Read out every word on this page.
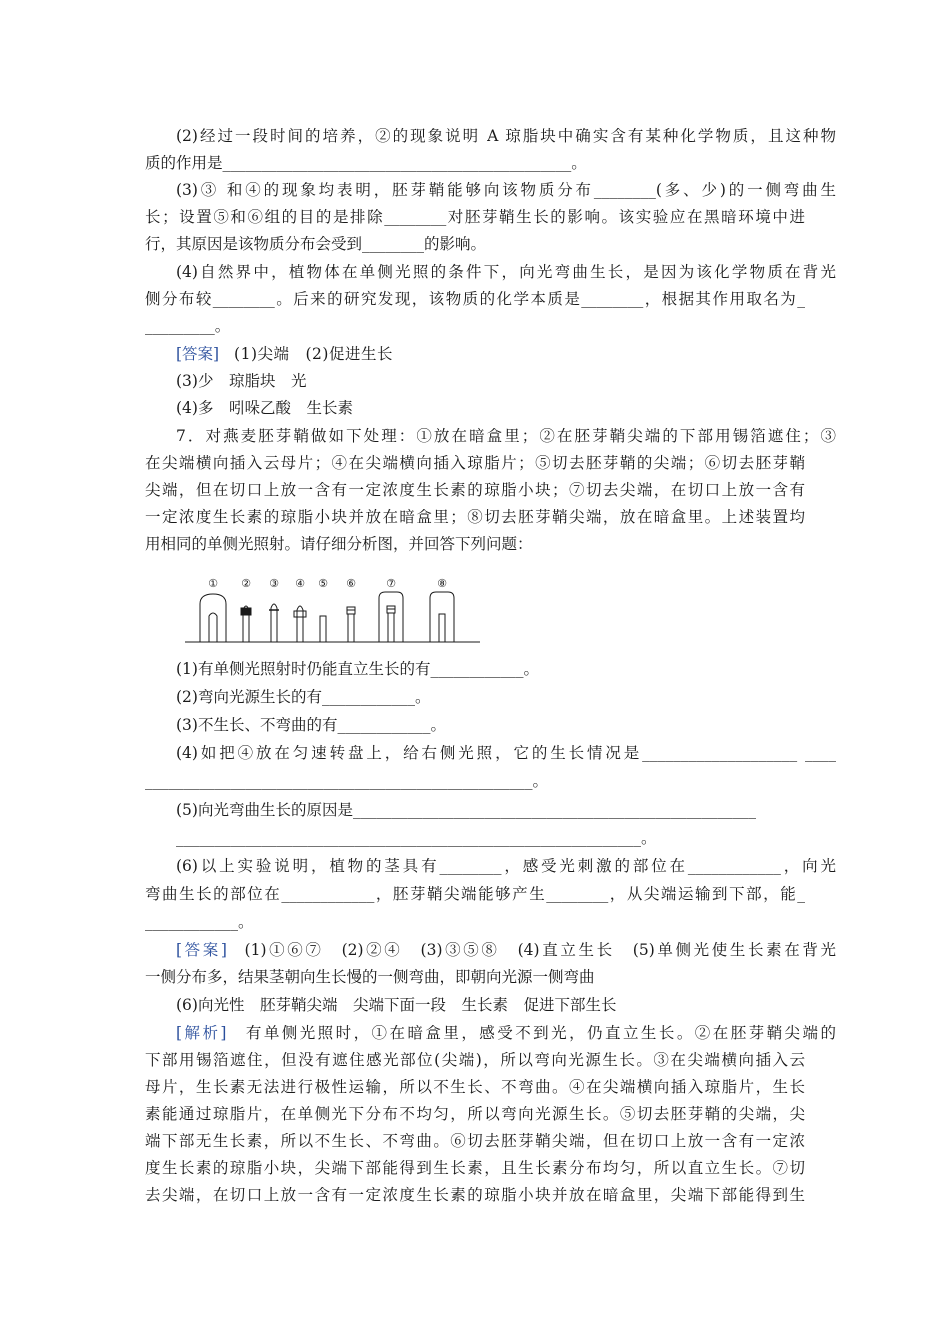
(2)经过一段时间的培养，②的现象说明 A 琼脂块中确实含有某种化学物质，且这种物
质的作用是_____________________________________________。
(3)③ 和④的现象均表明，胚芽鞘能够向该物质分布________(多、少)的一侧弯曲生
长；设置⑤和⑥组的目的是排除________对胚芽鞘生长的影响。该实验应在黑暗环境中进
行，其原因是该物质分布会受到________的影响。
(4)自然界中，植物体在单侧光照的条件下，向光弯曲生长，是因为该化学物质在背光
侧分布较________。后来的研究发现，该物质的化学本质是________，根据其作用取名为_
_________。
[答案] (1)尖端　(2)促进生长
(3)少　琼脂块　光
(4)多　吲哚乙酸　生长素
7．对燕麦胚芽鞘做如下处理：①放在暗盒里；②在胚芽鞘尖端的下部用锡箔遮住；③
在尖端横向插入云母片；④在尖端横向插入琼脂片；⑤切去胚芽鞘的尖端；⑥切去胚芽鞘
尖端，但在切口上放一含有一定浓度生长素的琼脂小块；⑦切去尖端，在切口上放一含有
一定浓度生长素的琼脂小块并放在暗盒里；⑧切去胚芽鞘尖端，放在暗盒里。上述装置均
用相同的单侧光照射。请仔细分析图，并回答下列问题：
① ② ③ ④ ⑤ ⑥	⑦	⑧
(1)有单侧光照射时仍能直立生长的有____________。
(2)弯向光源生长的有____________。
(3)不生长、不弯曲的有____________。
(4)如把④放在匀速转盘上，给右侧光照，它的生长情况是____________________ ____
__________________________________________________。
(5)向光弯曲生长的原因是____________________________________________________
____________________________________________________________。
(6)以上实验说明，植物的茎具有________，感受光刺激的部位在____________，向光
弯曲生长的部位在____________，胚芽鞘尖端能够产生________，从尖端运输到下部，能_
____________。
[答案] (1)①⑥⑦　(2)②④　(3)③⑤⑧　(4)直立生长　(5)单侧光使生长素在背光
一侧分布多，结果茎朝向生长慢的一侧弯曲，即朝向光源一侧弯曲
(6)向光性　胚芽鞘尖端　尖端下面一段　生长素　促进下部生长
[解析] 有单侧光照时，①在暗盒里，感受不到光，仍直立生长。②在胚芽鞘尖端的
下部用锡箔遮住，但没有遮住感光部位(尖端)，所以弯向光源生长。③在尖端横向插入云
母片，生长素无法进行极性运输，所以不生长、不弯曲。④在尖端横向插入琼脂片，生长
素能通过琼脂片，在单侧光下分布不均匀，所以弯向光源生长。⑤切去胚芽鞘的尖端，尖
端下部无生长素，所以不生长、不弯曲。⑥切去胚芽鞘尖端，但在切口上放一含有一定浓
度生长素的琼脂小块，尖端下部能得到生长素，且生长素分布均匀，所以直立生长。⑦切
去尖端，在切口上放一含有一定浓度生长素的琼脂小块并放在暗盒里，尖端下部能得到生
